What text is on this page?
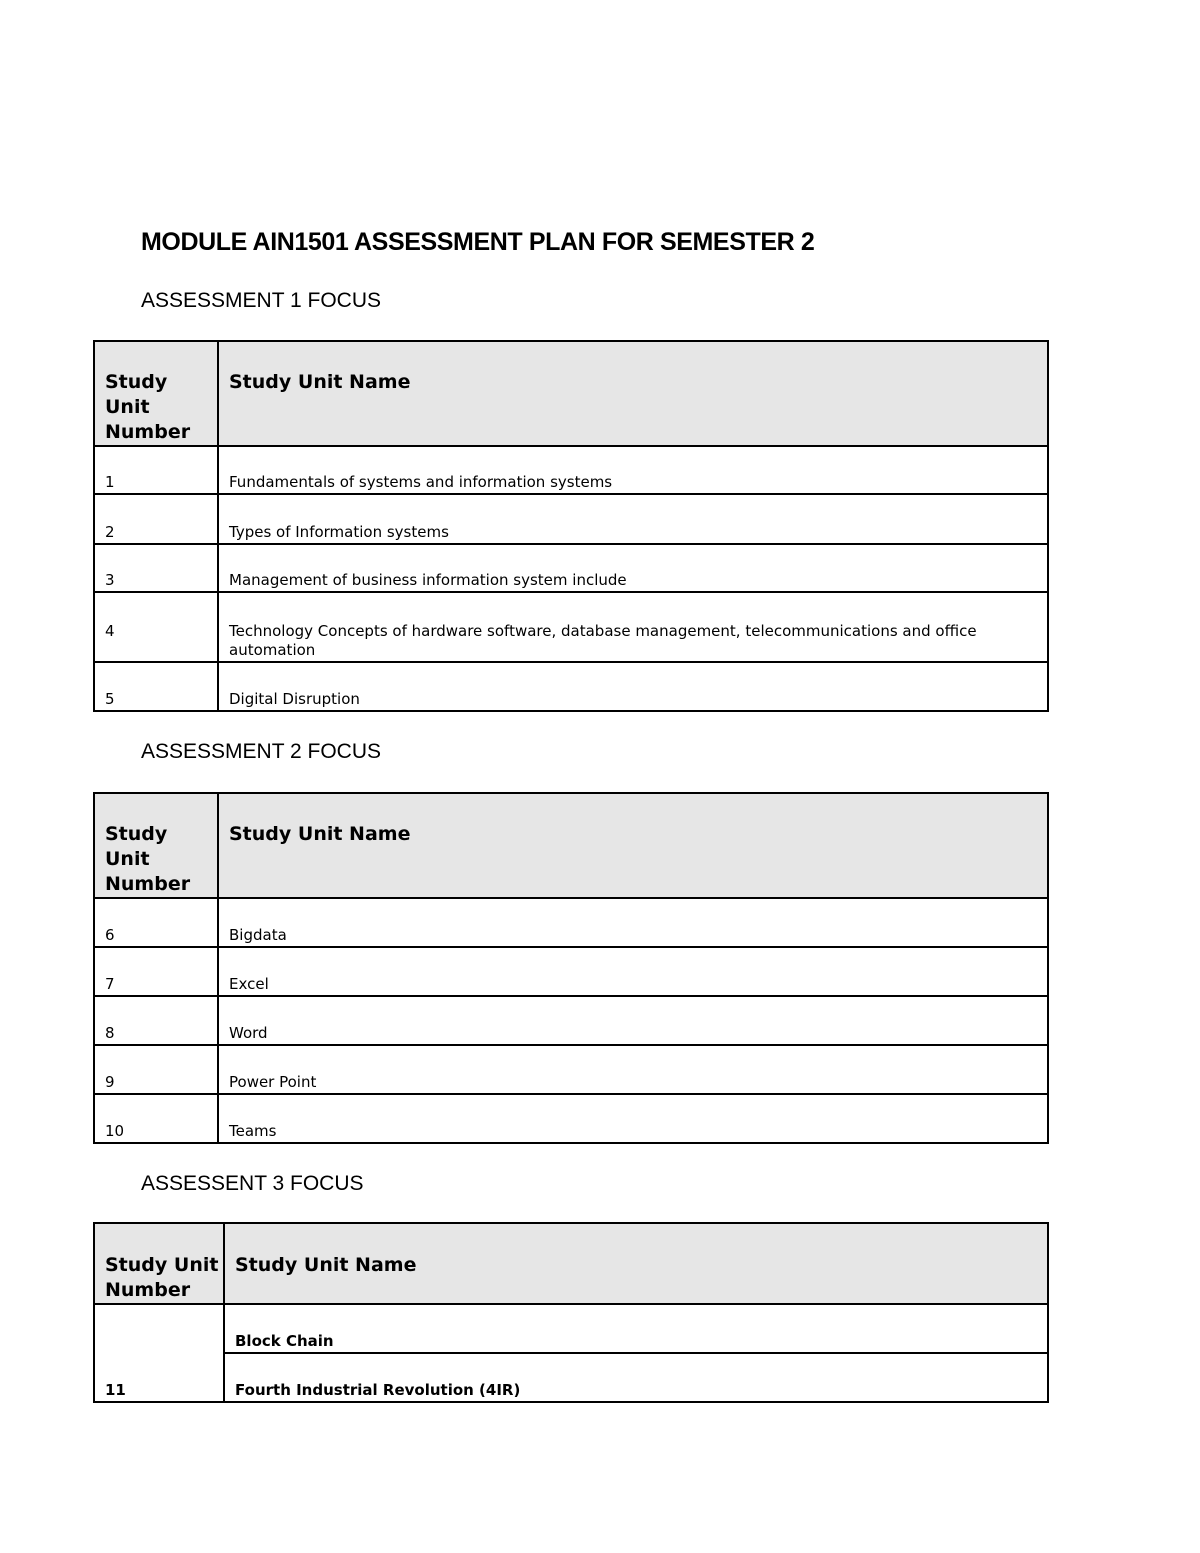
MODULE AIN1501 ASSESSMENT PLAN FOR SEMESTER 2
ASSESSMENT 1 FOCUS
Study Unit Number	Study Unit Name
1	Fundamentals of systems and information systems
2	Types of Information systems
3	Management of business information system include
4	Technology Concepts of hardware software, database management, telecommunications and office automation
5	Digital Disruption
ASSESSMENT 2 FOCUS
Study Unit Number	Study Unit Name
6	Bigdata
7	Excel
8	Word
9	Power Point
10	Teams
ASSESSENT 3 FOCUS
Study Unit Number	Study Unit Name
11	Block Chain
	Fourth Industrial Revolution (4IR)
